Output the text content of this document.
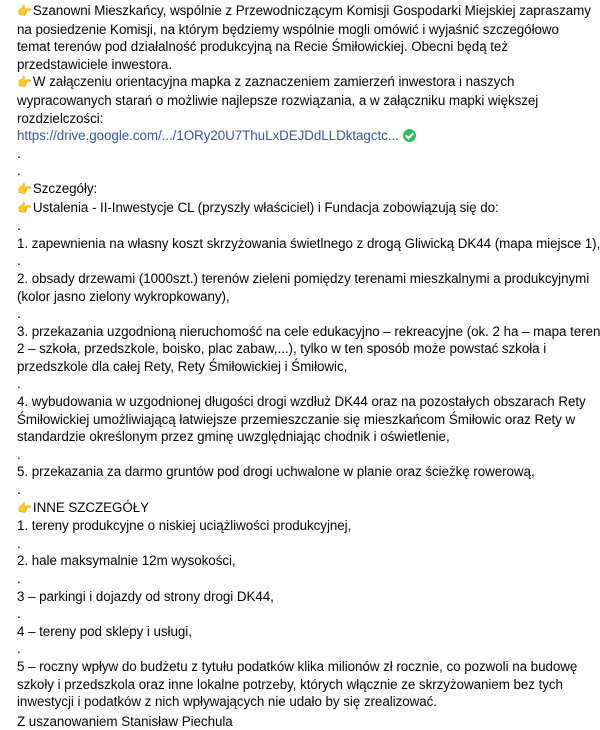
👉Szanowni Mieszkańcy, wspólnie z Przewodniczącym Komisji Gospodarki Miejskiej zapraszamy
na posiedzenie Komisji, na którym będziemy wspólnie mogli omówić i wyjaśnić szczegółowo
temat terenów pod działalność produkcyjną na Recie Śmiłowickiej. Obecni będą też
przedstawiciele inwestora.
👉W załączeniu orientacyjna mapka z zaznaczeniem zamierzeń inwestora i naszych
wypracowanych starań o możliwie najlepsze rozwiązania, a w załączniku mapki większej
rozdzielczości:
https://drive.google.com/.../1ORy20U7ThuLxDEJDdLLDktagctc...
.
.
👉Szczegóły:
👉Ustalenia - II-Inwestycje CL (przyszły właściciel) i Fundacja zobowiązują się do:
.
1. zapewnienia na własny koszt skrzyżowania świetlnego z drogą Gliwicką DK44 (mapa miejsce 1),
.
2. obsady drzewami (1000szt.) terenów zieleni pomiędzy terenami mieszkalnymi a produkcyjnymi
(kolor jasno zielony wykropkowany),
.
3. przekazania uzgodnioną nieruchomość na cele edukacyjno – rekreacyjne (ok. 2 ha – mapa teren
2 – szkoła, przedszkole, boisko, plac zabaw,...), tylko w ten sposób może powstać szkoła i
przedszkole dla całej Rety, Rety Śmiłowickiej i Śmiłowic,
.
4. wybudowania w uzgodnionej długości drogi wzdłuż DK44 oraz na pozostałych obszarach Rety
Śmiłowickiej umożliwiającą łatwiejsze przemieszczanie się mieszkańcom Śmiłowic oraz Rety w
standardzie określonym przez gminę uwzględniając chodnik i oświetlenie,
.
5. przekazania za darmo gruntów pod drogi uchwalone w planie oraz ścieżkę rowerową,
.
👉INNE SZCZEGÓŁY
1. tereny produkcyjne o niskiej uciążliwości produkcyjnej,
.
2. hale maksymalnie 12m wysokości,
.
3 – parkingi i dojazdy od strony drogi DK44,
.
4 – tereny pod sklepy i usługi,
.
5 – roczny wpływ do budżetu z tytułu podatków klika milionów zł rocznie, co pozwoli na budowę
szkoły i przedszkola oraz inne lokalne potrzeby, których włącznie ze skrzyżowaniem bez tych
inwestycji i podatków z nich wpływających nie udało by się zrealizować.
Z uszanowaniem Stanisław Piechula
